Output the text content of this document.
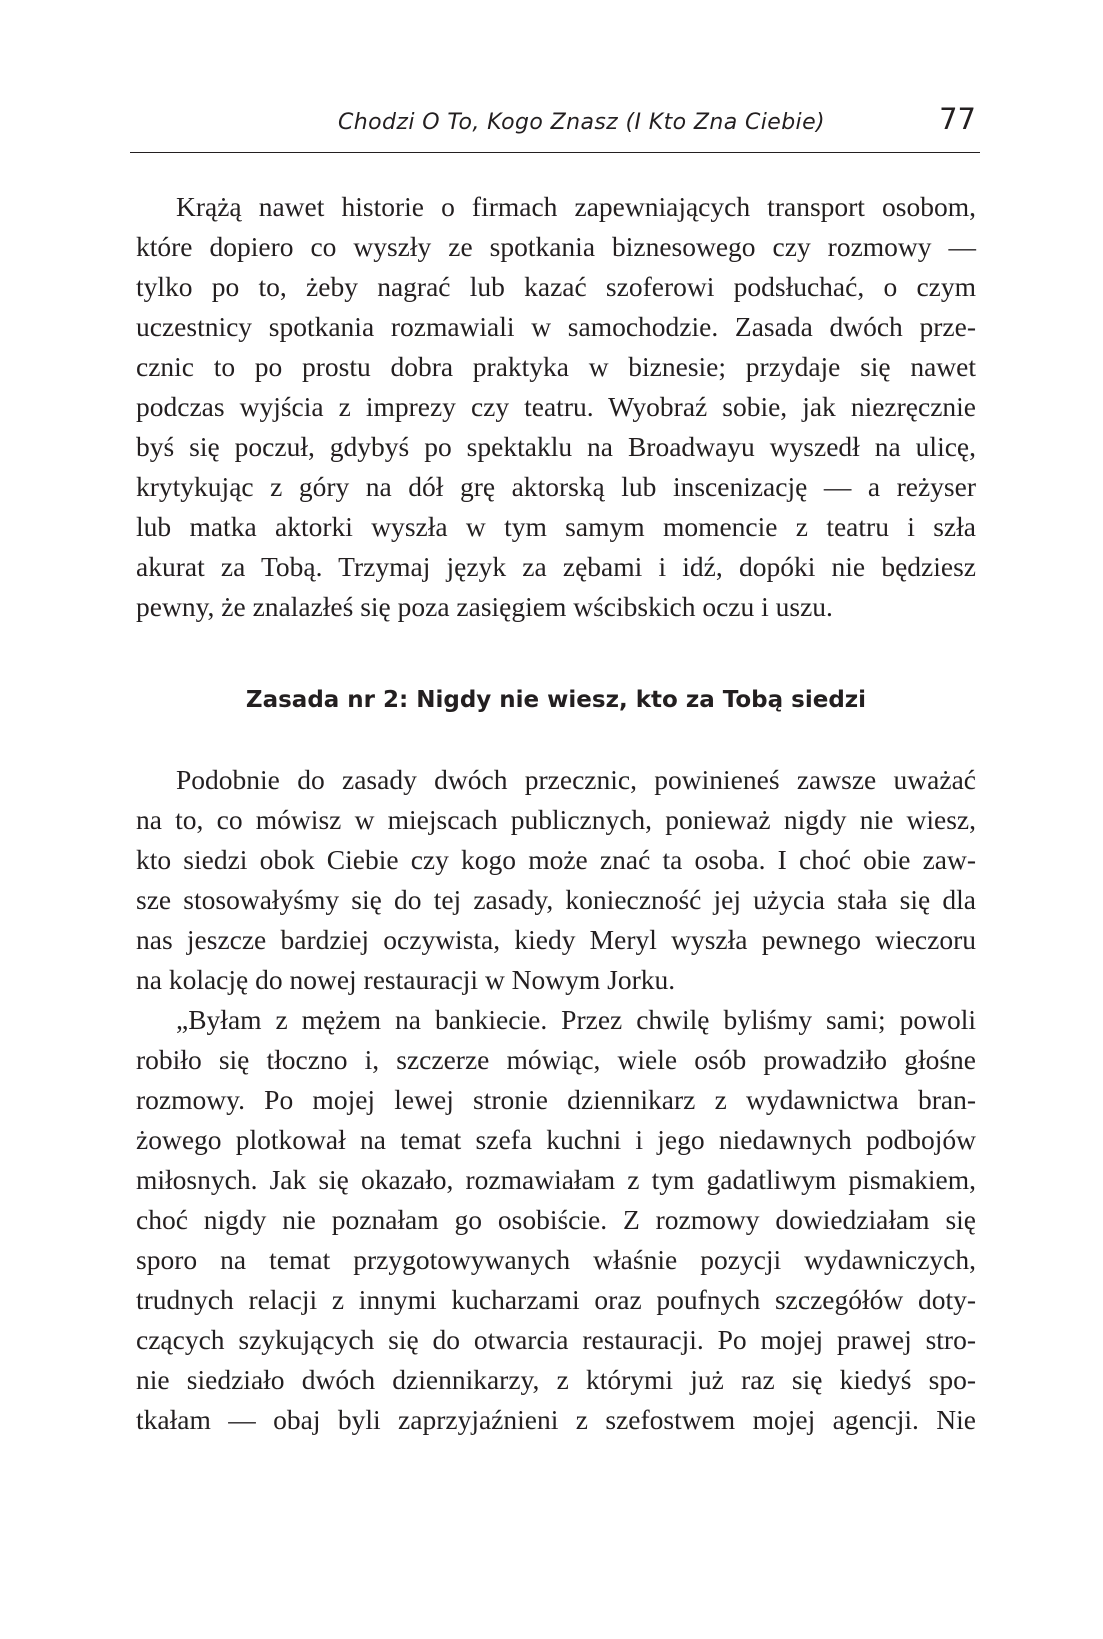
Chodzi O To, Kogo Znasz (I Kto Zna Ciebie)	77
Krążą nawet historie o firmach zapewniających transport osobom,
które dopiero co wyszły ze spotkania biznesowego czy rozmowy —
tylko po to, żeby nagrać lub kazać szoferowi podsłuchać, o czym
uczestnicy spotkania rozmawiali w samochodzie. Zasada dwóch prze-
cznic to po prostu dobra praktyka w biznesie; przydaje się nawet
podczas wyjścia z imprezy czy teatru. Wyobraź sobie, jak niezręcznie
byś się poczuł, gdybyś po spektaklu na Broadwayu wyszedł na ulicę,
krytykując z góry na dół grę aktorską lub inscenizację — a reżyser
lub matka aktorki wyszła w tym samym momencie z teatru i szła
akurat za Tobą. Trzymaj język za zębami i idź, dopóki nie będziesz
pewny, że znalazłeś się poza zasięgiem wścibskich oczu i uszu.
Zasada nr 2: Nigdy nie wiesz, kto za Tobą siedzi
Podobnie do zasady dwóch przecznic, powinieneś zawsze uważać
na to, co mówisz w miejscach publicznych, ponieważ nigdy nie wiesz,
kto siedzi obok Ciebie czy kogo może znać ta osoba. I choć obie zaw-
sze stosowałyśmy się do tej zasady, konieczność jej użycia stała się dla
nas jeszcze bardziej oczywista, kiedy Meryl wyszła pewnego wieczoru
na kolację do nowej restauracji w Nowym Jorku.
„Byłam z mężem na bankiecie. Przez chwilę byliśmy sami; powoli
robiło się tłoczno i, szczerze mówiąc, wiele osób prowadziło głośne
rozmowy. Po mojej lewej stronie dziennikarz z wydawnictwa bran-
żowego plotkował na temat szefa kuchni i jego niedawnych podbojów
miłosnych. Jak się okazało, rozmawiałam z tym gadatliwym pismakiem,
choć nigdy nie poznałam go osobiście. Z rozmowy dowiedziałam się
sporo na temat przygotowywanych właśnie pozycji wydawniczych,
trudnych relacji z innymi kucharzami oraz poufnych szczegółów doty-
czących szykujących się do otwarcia restauracji. Po mojej prawej stro-
nie siedziało dwóch dziennikarzy, z którymi już raz się kiedyś spo-
tkałam — obaj byli zaprzyjaźnieni z szefostwem mojej agencji. Nie
